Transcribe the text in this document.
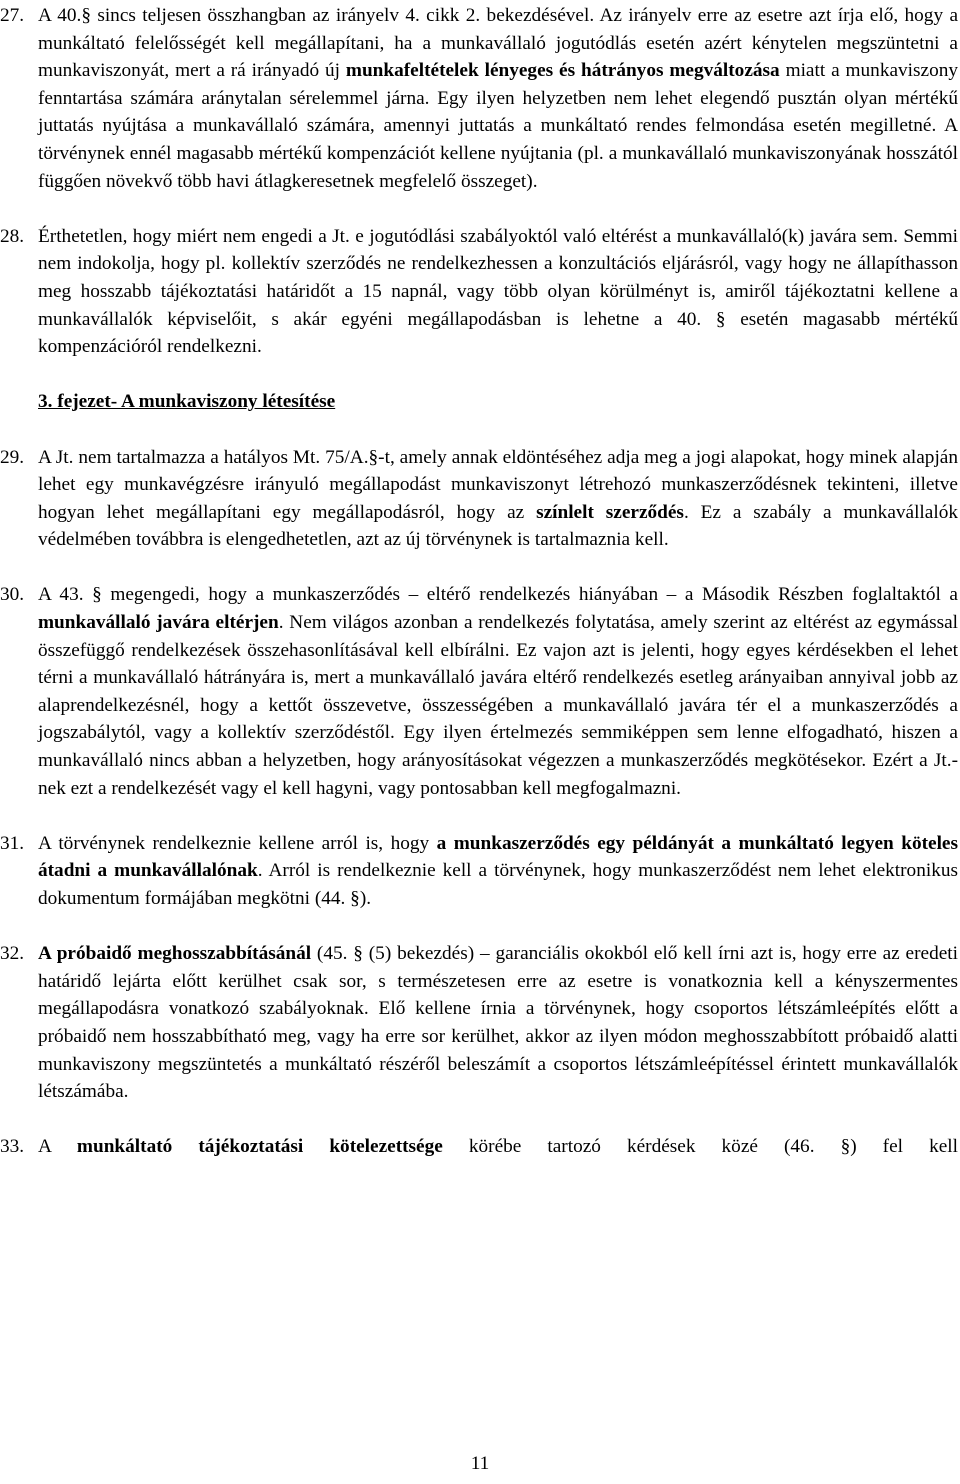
27. A 40.§ sincs teljesen összhangban az irányelv 4. cikk 2. bekezdésével. Az irányelv erre az esetre azt írja elő, hogy a munkáltató felelősségét kell megállapítani, ha a munkavállaló jogutódlás esetén azért kénytelen megszüntetni a munkaviszonyát, mert a rá irányadó új munkafeltételek lényeges és hátrányos megváltozása miatt a munkaviszony fenntartása számára aránytalan sérelemmel járna. Egy ilyen helyzetben nem lehet elegendő pusztán olyan mértékű juttatás nyújtása a munkavállaló számára, amennyi juttatás a munkáltató rendes felmondása esetén megilletné. A törvénynek ennél magasabb mértékű kompenzációt kellene nyújtania (pl. a munkavállaló munkaviszonyának hosszától függően növekvő több havi átlagkeresetnek megfelelő összeget).
28. Érthetetlen, hogy miért nem engedi a Jt. e jogutódlási szabályoktól való eltérést a munkavállaló(k) javára sem. Semmi nem indokolja, hogy pl. kollektív szerződés ne rendelkezhessen a konzultációs eljárásról, vagy hogy ne állapíthasson meg hosszabb tájékoztatási határidőt a 15 napnál, vagy több olyan körülményt is, amiről tájékoztatni kellene a munkavállalók képviselőit, s akár egyéni megállapodásban is lehetne a 40. § esetén magasabb mértékű kompenzációról rendelkezni.
3. fejezet- A munkaviszony létesítése
29. A Jt. nem tartalmazza a hatályos Mt. 75/A.§-t, amely annak eldöntéséhez adja meg a jogi alapokat, hogy minek alapján lehet egy munkavégzésre irányuló megállapodást munkaviszonyt létrehozó munkaszerződésnek tekinteni, illetve hogyan lehet megállapítani egy megállapodásról, hogy az színlelt szerződés. Ez a szabály a munkavállalók védelmében továbbra is elengedhetetlen, azt az új törvénynek is tartalmaznia kell.
30. A 43. § megengedi, hogy a munkaszerződés – eltérő rendelkezés hiányában – a Második Részben foglaltaktól a munkavállaló javára eltérjen. Nem világos azonban a rendelkezés folytatása, amely szerint az eltérést az egymással összefüggő rendelkezések összehasonlításával kell elbírálni. Ez vajon azt is jelenti, hogy egyes kérdésekben el lehet térni a munkavállaló hátrányára is, mert a munkavállaló javára eltérő rendelkezés esetleg arányaiban annyival jobb az alaprendelkezésnél, hogy a kettőt összevetve, összességében a munkavállaló javára tér el a munkaszerződés a jogszabálytól, vagy a kollektív szerződéstől. Egy ilyen értelmezés semmiképpen sem lenne elfogadható, hiszen a munkavállaló nincs abban a helyzetben, hogy arányosításokat végezzen a munkaszerződés megkötésekor. Ezért a Jt.-nek ezt a rendelkezését vagy el kell hagyni, vagy pontosabban kell megfogalmazni.
31. A törvénynek rendelkeznie kellene arról is, hogy a munkaszerződés egy példányát a munkáltató legyen köteles átadni a munkavállalónak. Arról is rendelkeznie kell a törvénynek, hogy munkaszerződést nem lehet elektronikus dokumentum formájában megkötni (44. §).
32. A próbaidő meghosszabbításánál (45. § (5) bekezdés) – garanciális okokból elő kell írni azt is, hogy erre az eredeti határidő lejárta előtt kerülhet csak sor, s természetesen erre az esetre is vonatkoznia kell a kényszermentes megállapodásra vonatkozó szabályoknak. Elő kellene írnia a törvénynek, hogy csoportos létszámleépítés előtt a próbaidő nem hosszabbítható meg, vagy ha erre sor kerülhet, akkor az ilyen módon meghosszabbított próbaidő alatti munkaviszony megszüntetés a munkáltató részéről beleszámít a csoportos létszámleépítéssel érintett munkavállalók létszámába.
33. A munkáltató tájékoztatási kötelezettsége körébe tartozó kérdések közé (46. §) fel kell
11
